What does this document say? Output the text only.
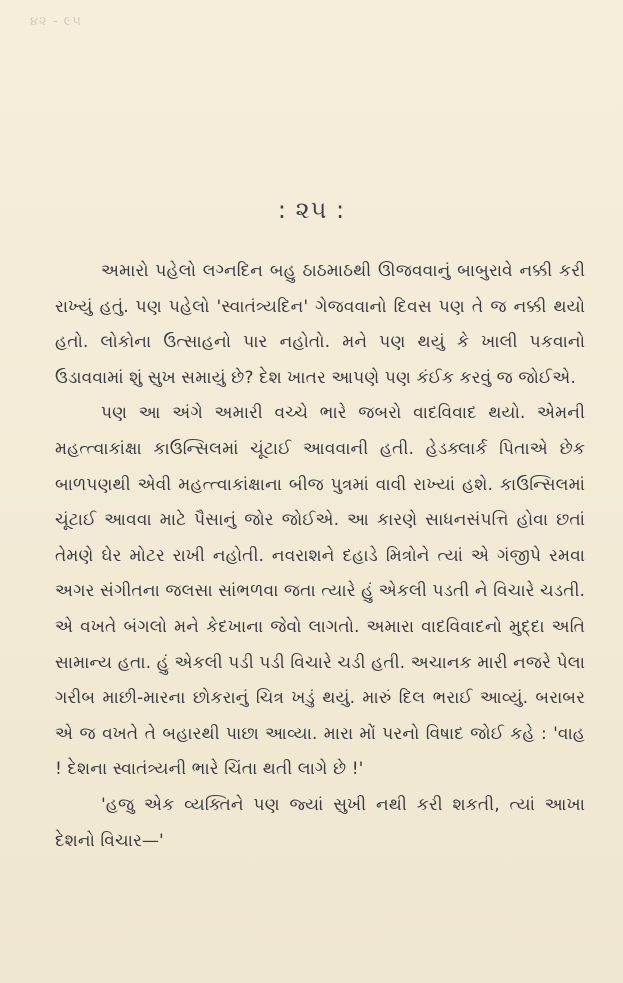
૪૨ - ૯૫
: ૨૫ :

અમારો પહેલો લગ્નદિન બહુ ઠાઠમાઠથી ઊજવવાનું બાબુરાવે નક્કી કરી રાખ્યું હતું. પણ પહેલો 'સ્વાતંત્ર્યદિન' ગેજવવાનો દિવસ પણ તે જ નક્કી થયો હતો. લોકોના ઉત્સાહનો પાર નહોતો. મને પણ થયું કે ખાલી પકવાનો ઉડાવવામાં શું સુખ સમાયું છે? દેશ ખાતર આપણે પણ કંઈક કરવું જ જોઈએ.

પણ આ અંગે અમારી વચ્ચે ભારે જબરો વાદવિવાદ થયો. એમની મહત્ત્વાકાંક્ષા કાઉન્સિલમાં ચૂંટાઈ આવવાની હતી. હેડક્લાર્ક પિતાએ છેક બાળપણથી એવી મહત્ત્વાકાંક્ષાના બીજ પુત્રમાં વાવી રાખ્યાં હશે. કાઉન્સિલમાં ચૂંટાઈ આવવા માટે પૈસાનું જોર જોઈએ. આ કારણે સાધનસંપત્તિ હોવા છતાં તેમણે ઘેર મોટર રાખી નહોતી. નવરાશને દહાડે મિત્રોને ત્યાં એ ગંજીપે રમવા અગર સંગીતના જલસા સાંભળવા જતા ત્યારે હું એકલી પડતી ને વિચારે ચડતી. એ વખતે બંગલો મને કેદખાના જેવો લાગતો. અમારા વાદવિવાદનો મુદ્દા અતિ સામાન્ય હતા. હું એકલી પડી પડી વિચારે ચડી હતી. અચાનક મારી નજરે પેલા ગરીબ માછી-મારના છોકરાનું ચિત્ર ખડું થયું. મારું દિલ ભરાઈ આવ્યું. બરાબર એ જ વખતે તે બહારથી પાછા આવ્યા. મારા મોં પરનો વિષાદ જોઈ કહે : 'વાહ ! દેશના સ્વાતંત્ર્યની ભારે ચિંતા થતી લાગે છે !'

'હજુ એક વ્યક્તિને પણ જ્યાં સુખી નથી કરી શકતી, ત્યાં આખા દેશનો વિચાર—'
